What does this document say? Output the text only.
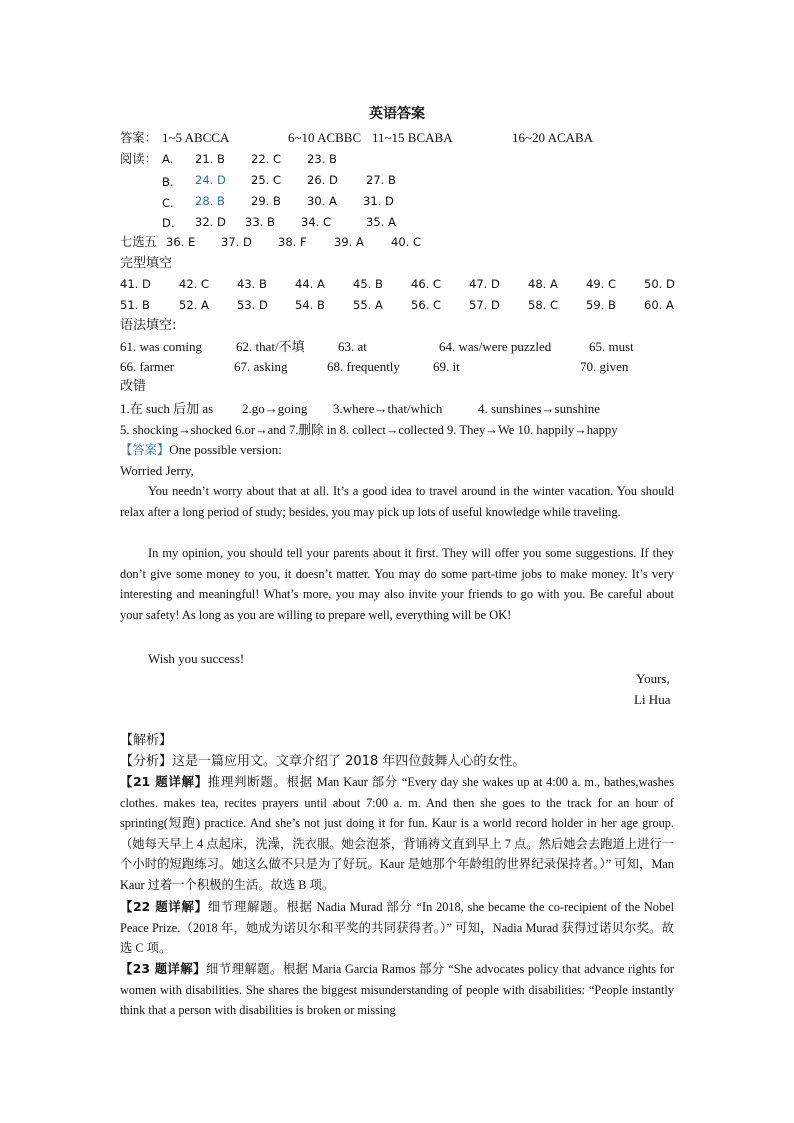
英语答案
答案： 1~5 ABCCA	6~10 ACBBC 11~15 BCABA	16~20 ACABA
阅读： A. 21. B 22. C 23. B
B. 24. D 25. C 26. D 27. B
C. 28. B 29. B 30. A 31. D
D. 32. D 33. B 34. C	35. A
七选五 36. E 37. D 38. F 39. A 40. C
完型填空
41. D 42. C 43. B 44. A 45. B 46. C 47. D 48. A 49. C 50. D
51. B	52. A 53. D 54. B 55. A 56. C 57. D 58. C 59. B 60. A
语法填空:
61. was coming	62. that/不填	63. at	64. was/were puzzled	65. must
66. farmer	67. asking	68. frequently	69. it	70. given
改错
1.在 such 后加 as 2.go→going 3.where→that/which	4. sunshines→sunshine
5. shocking→shocked 6.or→and 7.删除 in 8. collect→collected 9. They→We 10. happily→happy
【答案】One possible version:
Worried Jerry,
You needn’t worry about that at all. It’s a good idea to travel around in the winter vacation. You should relax after a long period of study; besides, you may pick up lots of useful knowledge while traveling.
In my opinion, you should tell your parents about it first. They will offer you some suggestions. If they don’t give some money to you, it doesn’t matter. You may do some part-time jobs to make money. It’s very interesting and meaningful! What’s more, you may also invite your friends to go with you. Be careful about your safety! As long as you are willing to prepare well, everything will be OK!
Wish you success!
Yours,
Li Hua
【解析】
【分析】这是一篇应用文。文章介绍了 2018 年四位鼓舞人心的女性。
【21 题详解】推理判断题。根据 Man Kaur 部分 “Every day she wakes up at 4:00 a. m., bathes,washes clothes. makes tea, recites prayers until about 7:00 a. m. And then she goes to the track for an hour of sprinting(短跑) practice. And she’s not just doing it for fun. Kaur is a world record holder in her age group. （她每天早上 4 点起床，洗澡，洗衣服。她会泡茶，背诵祷文直到早上 7 点。然后她会去跑道上进行一个小时的短跑练习。她这么做不只是为了好玩。Kaur 是她那个年龄组的世界纪录保持者。）” 可知，Man Kaur 过着一个积极的生活。故选 B 项。
【22 题详解】细节理解题。根据 Nadia Murad 部分 “In 2018, she became the co-recipient of the Nobel Peace Prize.（2018 年，她成为诺贝尔和平奖的共同获得者。）” 可知，Nadia Murad 获得过诺贝尔奖。故选 C 项。
【23 题详解】细节理解题。根据 Maria Garcia Ramos 部分 “She advocates policy that advance rights for women with disabilities. She shares the biggest misunderstanding of people with disabilities: “People instantly think that a person with disabilities is broken or missing
